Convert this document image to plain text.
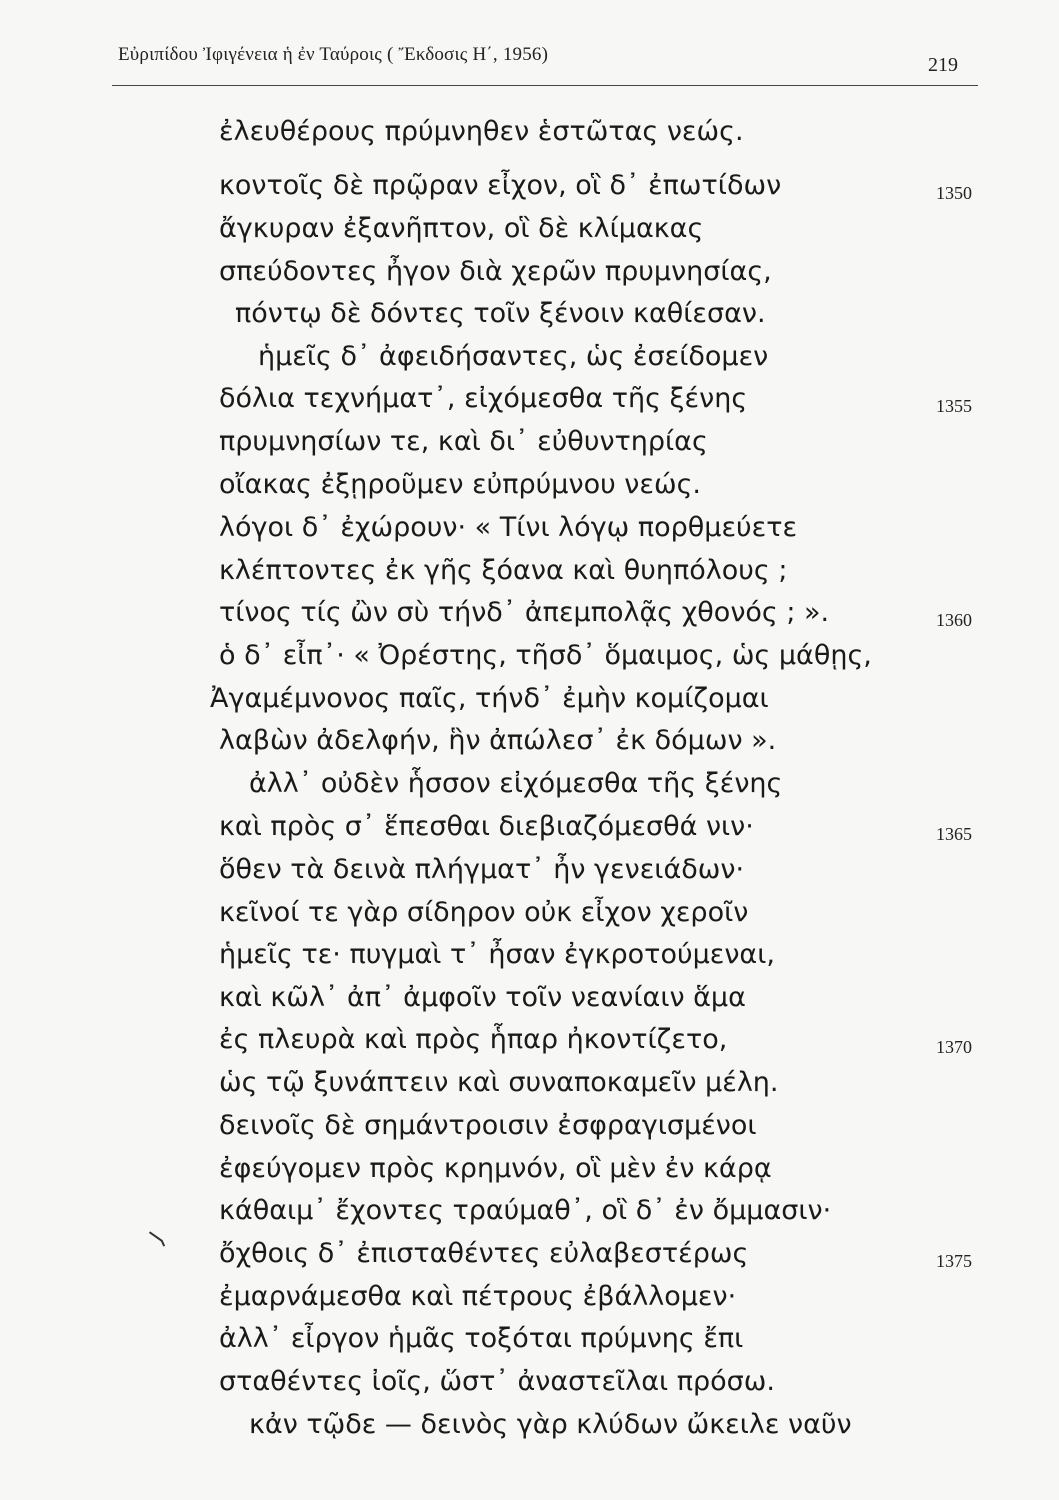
Εὐριπίδου Ἰφιγένεια ἡ ἐν Ταύροις ( Ἔκδοσις Η΄, 1956)	219
ἐλευθέρους πρύμνηθεν ἑστῶτας νεώς.
κοντοῖς δὲ πρῷραν εἶχον, οἳ δ᾽ ἐπωτίδων
ἄγκυραν ἐξανῆπτον, οἳ δὲ κλίμακας
σπεύδοντες ἦγον διὰ χερῶν πρυμνησίας,
πόντῳ δὲ δόντες τοῖν ξένοιν καθίεσαν.
ἡμεῖς δ᾽ ἀφειδήσαντες, ὡς ἐσείδομεν
δόλια τεχνήματ᾽, εἰχόμεσθα τῆς ξένης
πρυμνησίων τε, καὶ δι᾽ εὐθυντηρίας
οἴακας ἐξῃροῦμεν εὐπρύμνου νεώς.
λόγοι δ᾽ ἐχώρουν· « Τίνι λόγῳ πορθμεύετε
κλέπτοντες ἐκ γῆς ξόανα καὶ θυηπόλους ;
τίνος τίς ὢν σὺ τήνδ᾽ ἀπεμπολᾷς χθονός ; ».
ὁ δ᾽ εἶπ᾽· « Ὀρέστης, τῆσδ᾽ ὅμαιμος, ὡς μάθῃς,
Ἀγαμέμνονος παῖς, τήνδ᾽ ἐμὴν κομίζομαι
λαβὼν ἀδελφήν, ἣν ἀπώλεσ᾽ ἐκ δόμων ».
ἀλλ᾽ οὐδὲν ἧσσον εἰχόμεσθα τῆς ξένης
καὶ πρὸς σ᾽ ἕπεσθαι διεβιαζόμεσθά νιν·
ὅθεν τὰ δεινὰ πλήγματ᾽ ἦν γενειάδων·
κεῖνοί τε γὰρ σίδηρον οὐκ εἶχον χεροῖν
ἡμεῖς τε· πυγμαὶ τ᾽ ἦσαν ἐγκροτούμεναι,
καὶ κῶλ᾽ ἀπ᾽ ἀμφοῖν τοῖν νεανίαιν ἅμα
ἐς πλευρὰ καὶ πρὸς ἧπαρ ἠκοντίζετο,
ὡς τῷ ξυνάπτειν καὶ συναποκαμεῖν μέλη.
δεινοῖς δὲ σημάντροισιν ἐσφραγισμένοι
ἐφεύγομεν πρὸς κρημνόν, οἳ μὲν ἐν κάρᾳ
κάθαιμ᾽ ἔχοντες τραύμαθ᾽, οἳ δ᾽ ἐν ὄμμασιν·
ὄχθοις δ᾽ ἐπισταθέντες εὐλαβεστέρως
ἐμαρνάμεσθα καὶ πέτρους ἐβάλλομεν·
ἀλλ᾽ εἶργον ἡμᾶς τοξόται πρύμνης ἔπι
σταθέντες ἰοῖς, ὥστ᾽ ἀναστεῖλαι πρόσω.
κἀν τῷδε — δεινὸς γὰρ κλύδων ὤκειλε ναῦν
1350
1355
1360
1365
1370
1375
